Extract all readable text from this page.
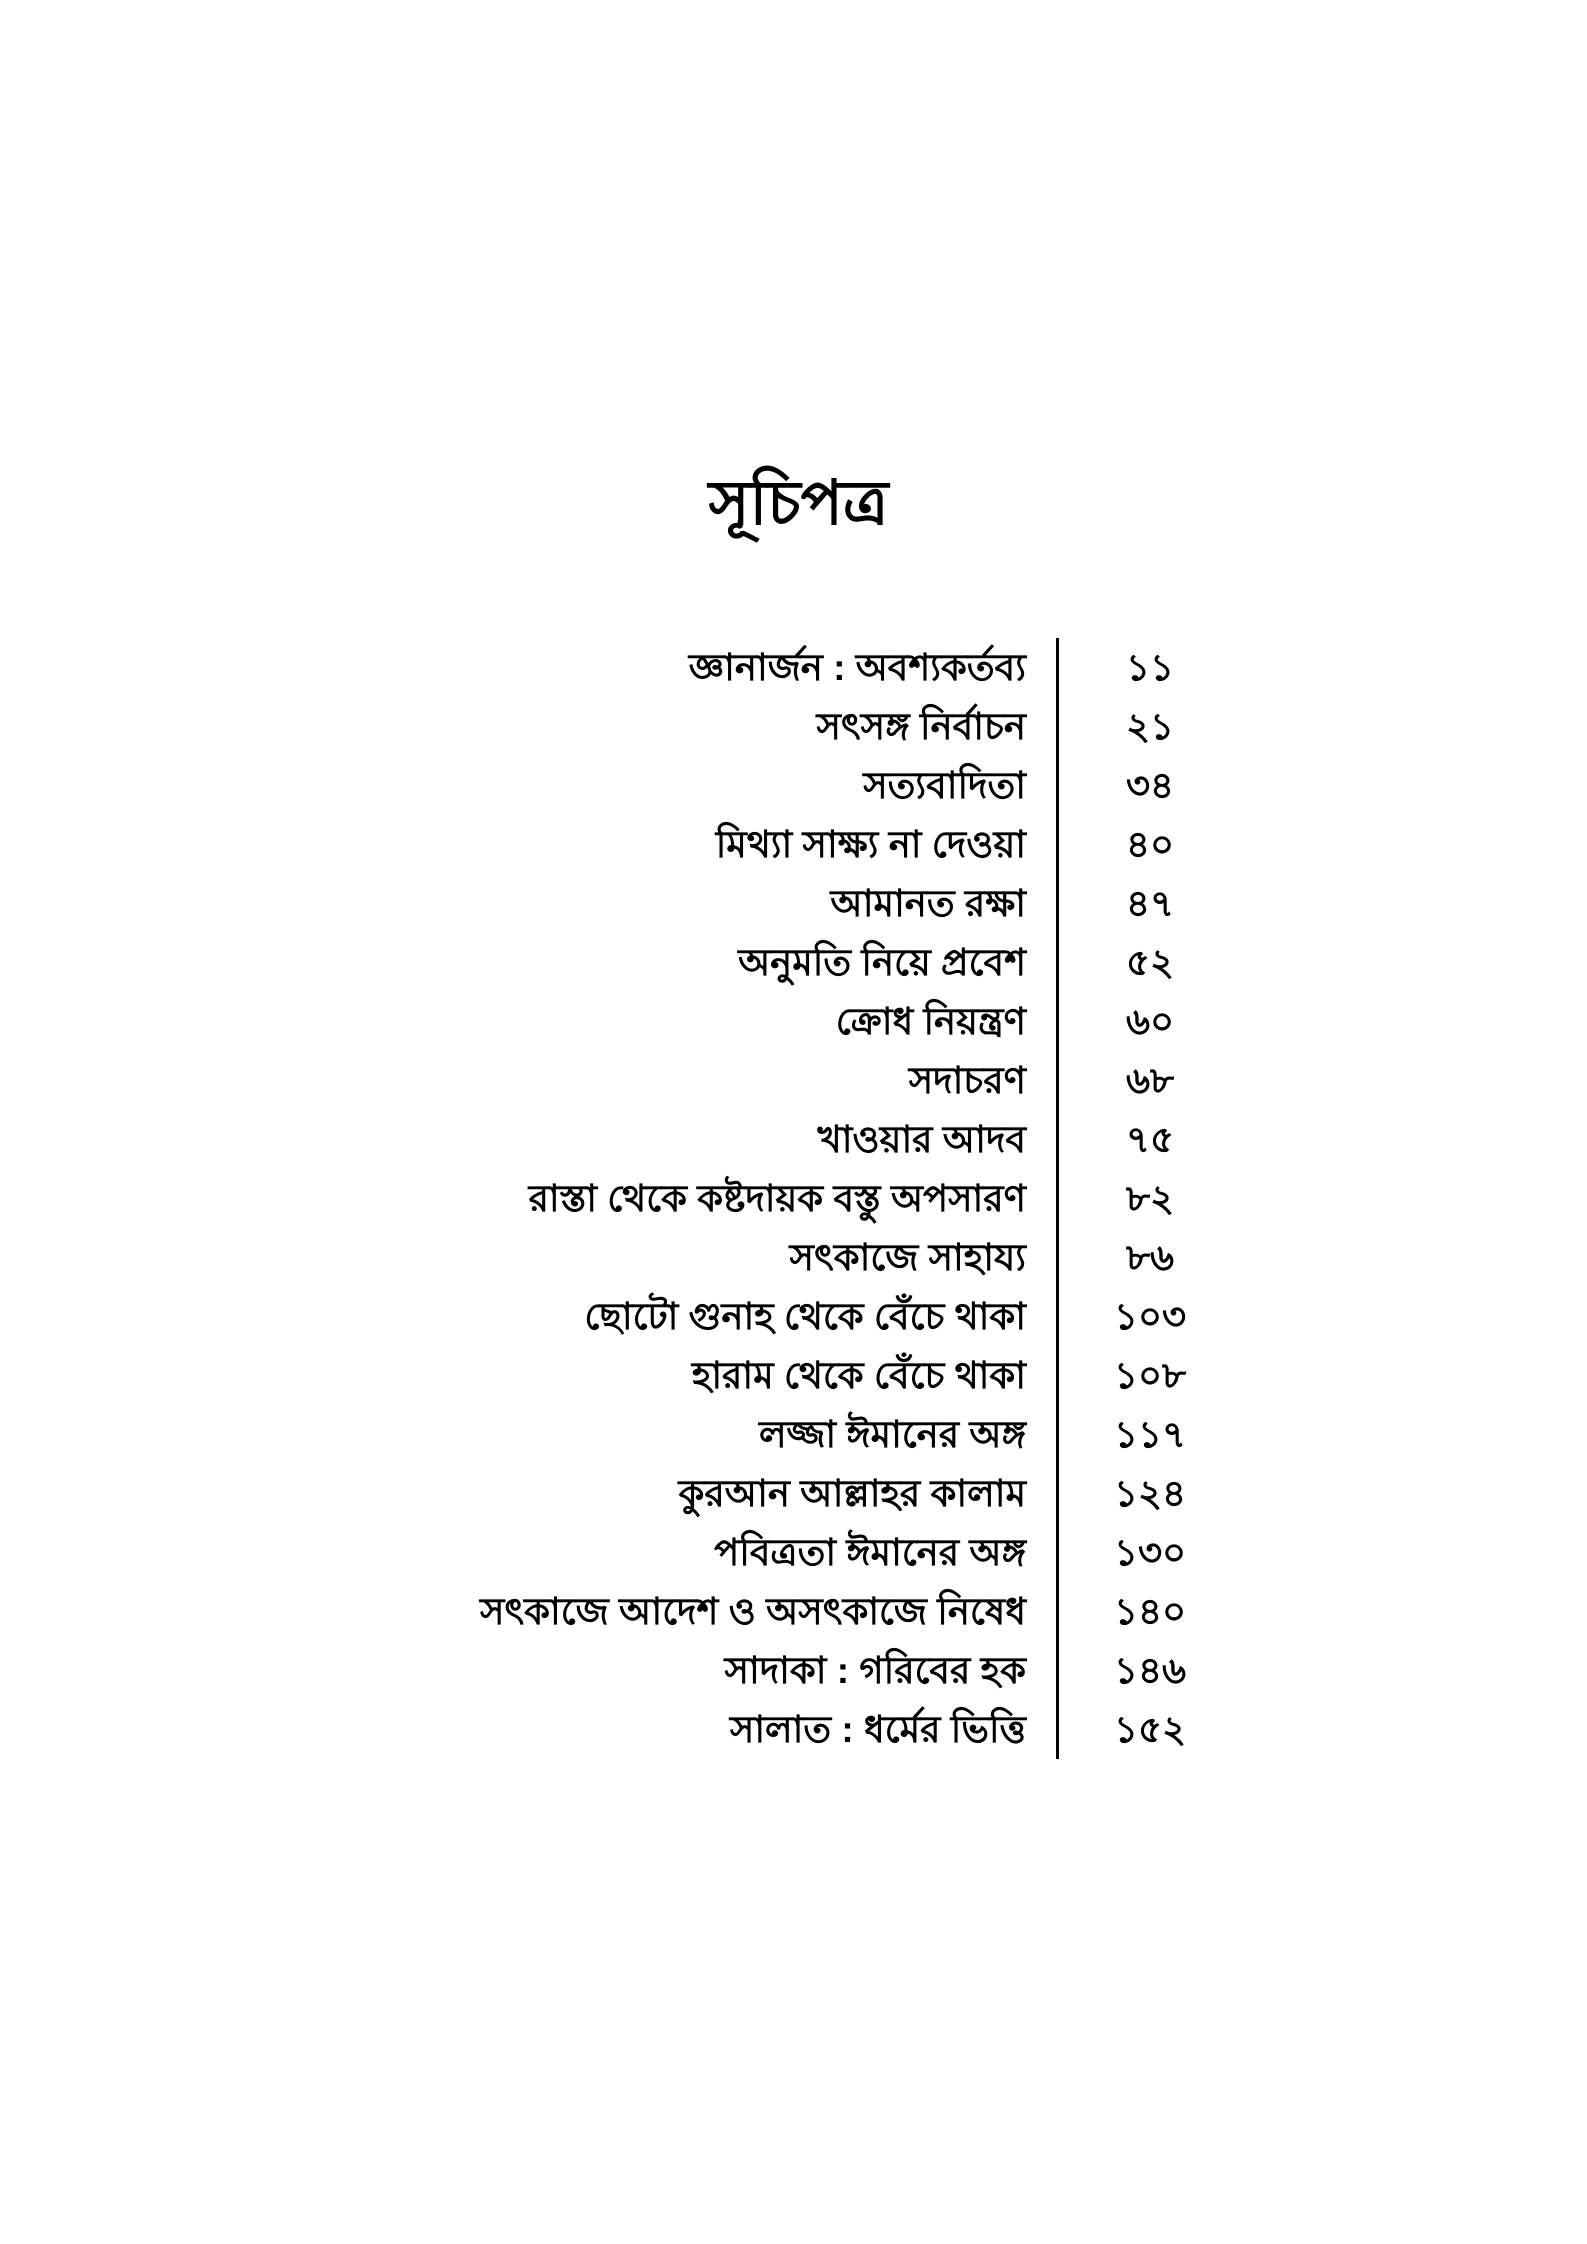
সূচিপত্র
জ্ঞানার্জন : অবশ্যকর্তব্য	১১
সৎসঙ্গ নির্বাচন	২১
সত্যবাদিতা	৩৪
মিথ্যা সাক্ষ্য না দেওয়া	৪০
আমানত রক্ষা	৪৭
অনুমতি নিয়ে প্রবেশ	৫২
ক্রোধ নিয়ন্ত্রণ	৬০
সদাচরণ	৬৮
খাওয়ার আদব	৭৫
রাস্তা থেকে কষ্টদায়ক বস্তু অপসারণ	৮২
সৎকাজে সাহায্য	৮৬
ছোটো গুনাহ থেকে বেঁচে থাকা	১০৩
হারাম থেকে বেঁচে থাকা	১০৮
লজ্জা ঈমানের অঙ্গ	১১৭
কুরআন আল্লাহর কালাম	১২৪
পবিত্রতা ঈমানের অঙ্গ	১৩০
সৎকাজে আদেশ ও অসৎকাজে নিষেধ	১৪০
সাদাকা : গরিবের হক	১৪৬
সালাত : ধর্মের ভিত্তি	১৫২
